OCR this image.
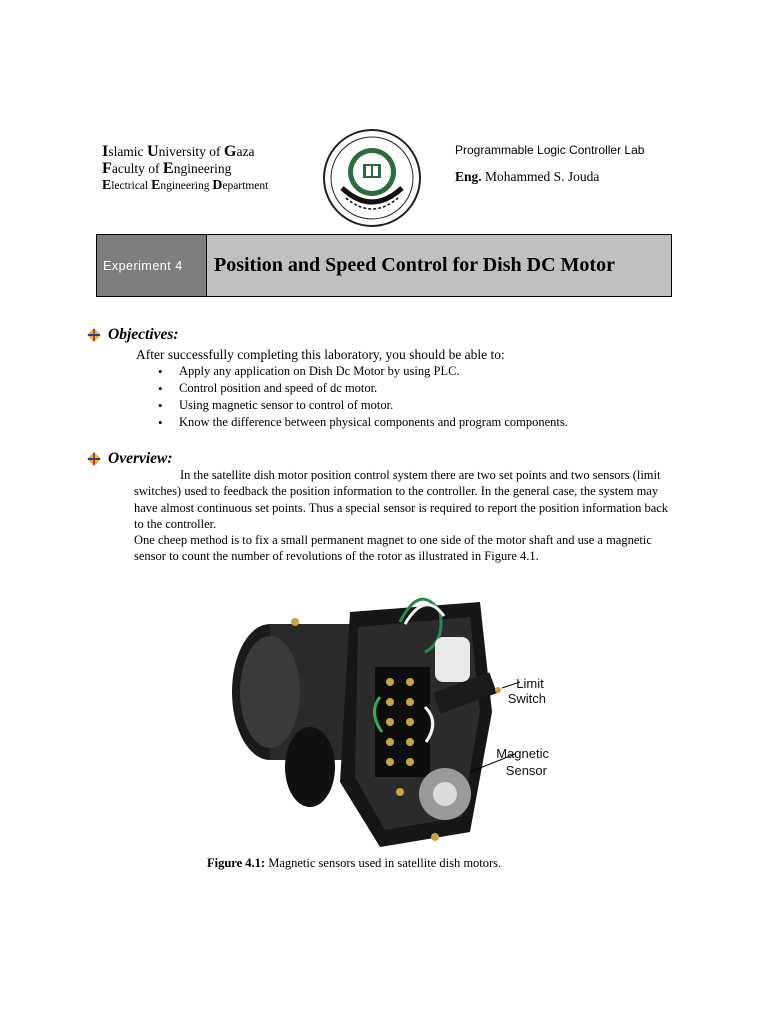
Islamic University of Gaza
Faculty of Engineering
Electrical Engineering Department
Programmable Logic Controller Lab
Eng. Mohammed S. Jouda
Experiment 4	Position and Speed Control for Dish DC Motor
Objectives:
After successfully completing this laboratory, you should be able to:
• Apply any application on Dish Dc Motor by using PLC.
• Control position and speed of dc motor.
• Using magnetic sensor to control of motor.
• Know the difference between physical components and program components.
Overview:

In the satellite dish motor position control system there are two set points and two sensors (limit switches) used to feedback the position information to the controller. In the general case, the system may have almost continuous set points. Thus a special sensor is required to report the position information back to the controller.

One cheep method is to fix a small permanent magnet to one side of the motor shaft and use a magnetic sensor to count the number of revolutions of the rotor as illustrated in Figure 4.1.

Limit
Switch
Magnetic
Sensor
Figure 4.1: Magnetic sensors used in satellite dish motors.
